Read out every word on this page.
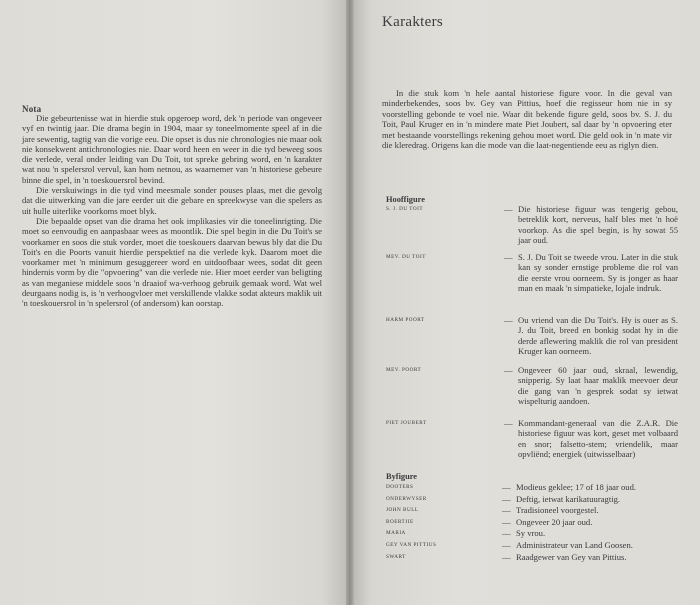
Nota

Die gebeurtenisse wat in hierdie stuk opgeroep word, dek 'n periode van ongeveer vyf en twintig jaar. Die drama begin in 1904, maar sy toneelmomente speel af in die jare sewentig, tagtig van die vorige eeu. Die opset is dus nie chronologies nie maar ook nie konsekwent antichronologies nie. Daar word heen en weer in die tyd beweeg soos die verlede, veral onder leiding van Du Toit, tot spreke gebring word, en 'n karakter wat nou 'n spelersrol vervul, kan hom netnou, as waarnemer van 'n historiese gebeure binne die spel, in 'n toeskouersrol bevind.

Die verskuiwings in die tyd vind meesmale sonder pouses plaas, met die gevolg dat die uitwerking van die jare eerder uit die gebare en spreekwyse van die spelers as uit hulle uiterlike voorkoms moet blyk.

Die bepaalde opset van die drama het ook implikasies vir die toneelinrigting. Die moet so eenvoudig en aanpasbaar wees as moontlik. Die spel begin in die Du Toit's se voorkamer en soos die stuk vorder, moet die toeskouers daarvan bewus bly dat die Du Toit's en die Poorts vanuit hierdie perspektief na die verlede kyk. Daarom moet die voorkamer met 'n minimum gesuggereer word en uitdoofbaar wees, sodat dit geen hindernis vorm by die "opvoering" van die verlede nie. Hier moet eerder van beligting as van meganiese middele soos 'n draaiof wa-verhoog gebruik gemaak word. Wat wel deurgaans nodig is, is 'n verhoogvloer met verskillende vlakke sodat akteurs maklik uit 'n toeskouersrol in 'n spelersrol (of andersom) kan oorstap.

Karakters

In die stuk kom 'n hele aantal historiese figure voor. In die geval van minderbekendes, soos bv. Gey van Pittius, hoef die regisseur hom nie in sy voorstelling gebonde te voel nie. Waar dit bekende figure geld, soos bv. S. J. du Toit, Paul Kruger en in 'n mindere mate Piet Joubert, sal daar by 'n opvoering eter met bestaande voorstellings rekening gehou moet word. Die geld ook in 'n mate vir die kleredrag. Origens kan die mode van die laat-negentiende eeu as riglyn dien.

Hooffigure
S. J. DU TOIT	— Die historiese figuur was tengerig gebou, betreklik kort, nerveus, half bles met 'n hoë voorkop. As die spel begin, is hy sowat 55 jaar oud.
MEV. DU TOIT	— S. J. Du Toit se tweede vrou. Later in die stuk kan sy sonder ernstige probleme die rol van die eerste vrou oorneem. Sy is jonger as haar man en maak 'n simpatieke, lojale indruk.
HARM POORT	— Ou vriend van die Du Toit's. Hy is ouer as S. J. du Toit, breed en bonkig sodat hy in die derde aflewering maklik die rol van president Kruger kan oorneem.
MEV. POORT	— Ongeveer 60 jaar oud, skraal, lewendig, snipperig. Sy laat haar maklik meevoer deur die gang van 'n gesprek sodat sy ietwat wispelturig aandoen.
PIET JOUBERT	— Kommandant-generaal van die Z.A.R. Die historiese figuur was kort, geset met volbaard en snor; falsetto-stem; vriendelik, maar opvliënd; energiek (uitwisselbaar)
Byfigure
DOOTERS	— Modieus geklee; 17 of 18 jaar oud.
ONDERWYSER	— Deftig, ietwat karikatuuragtig.
JOHN BULL	— Tradisioneel voorgestel.
BOERTJIE	— Ongeveer 20 jaar oud.
MARIA	— Sy vrou.
GEY VAN PITTIUS	— Administrateur van Land Goosen.
SWART	— Raadgewer van Gey van Pittius.
